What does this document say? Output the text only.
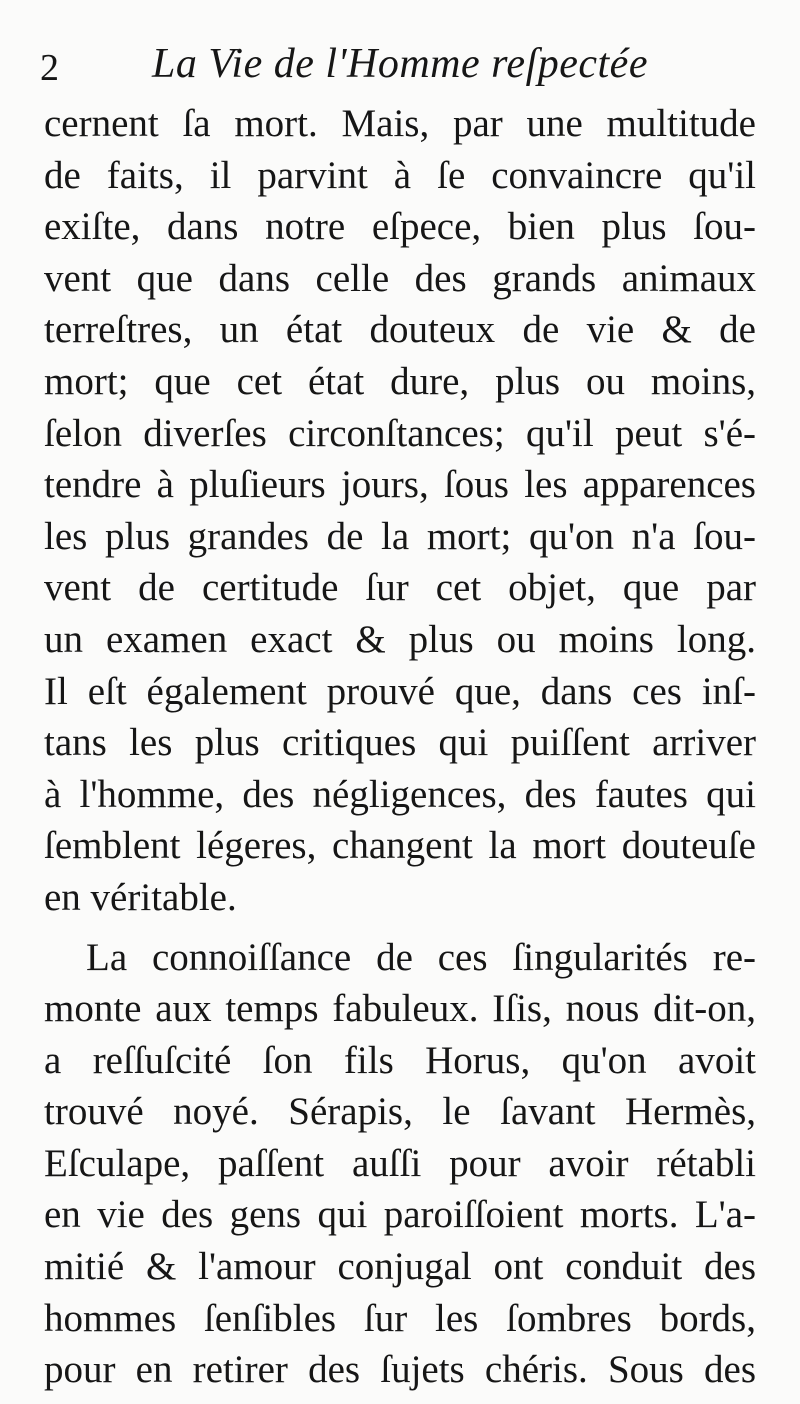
2 La Vie de l'Homme reſpectée
cernent ſa mort. Mais, par une multitude
de faits, il parvint à ſe convaincre qu'il
exiſte, dans notre eſpece, bien plus ſou-
vent que dans celle des grands animaux
terreſtres, un état douteux de vie & de
mort; que cet état dure, plus ou moins,
ſelon diverſes circonſtances; qu'il peut s'é-
tendre à pluſieurs jours, ſous les apparences
les plus grandes de la mort; qu'on n'a ſou-
vent de certitude ſur cet objet, que par
un examen exact & plus ou moins long.
Il eſt également prouvé que, dans ces inſ-
tans les plus critiques qui puiſſent arriver
à l'homme, des négligences, des fautes qui
ſemblent légeres, changent la mort douteuſe
en véritable.
La connoiſſance de ces ſingularités re-
monte aux temps fabuleux. Iſis, nous dit-on,
a reſſuſcité ſon fils Horus, qu'on avoit
trouvé noyé. Sérapis, le ſavant Hermès,
Eſculape, paſſent auſſi pour avoir rétabli
en vie des gens qui paroiſſoient morts. L'a-
mitié & l'amour conjugal ont conduit des
hommes ſenſibles ſur les ſombres bords,
pour en retirer des ſujets chéris. Sous des
